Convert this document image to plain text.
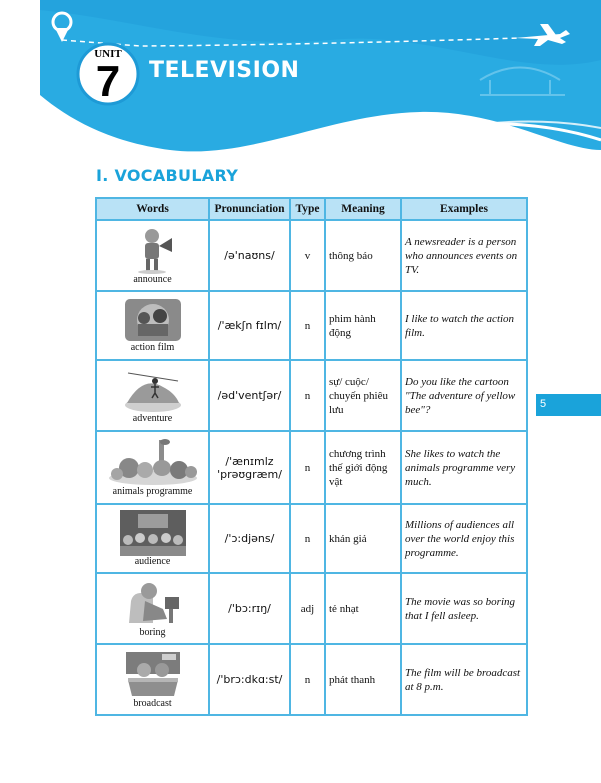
UNIT
7	TELEVISION
I. VOCABULARY
5
Words	Pronunciation	Type	Meaning	Examples

announce	/ə'naʊns/	v	thông báo	A newsreader is a person who announces events on TV.

action film	/'ækʃn fɪlm/	n	phim hành động	I like to watch the action film.

adventure	/əd'ventʃər/	n	sự/ cuộc/ chuyến phiêu lưu	Do you like the cartoon "The adventure of yellow bee"?

animals programme	/'ænɪmlz 'prəʊgræm/	n	chương trình thế giới động vật	She likes to watch the animals programme very much.

audience	/'ɔ:djəns/	n	khán giả	Millions of audiences all over the world enjoy this programme.

boring	/'bɔ:rɪŋ/	adj	tẻ nhạt	The movie was so boring that I fell asleep.

broadcast	/'brɔ:dkɑ:st/	n	phát thanh	The film will be broadcast at 8 p.m.
